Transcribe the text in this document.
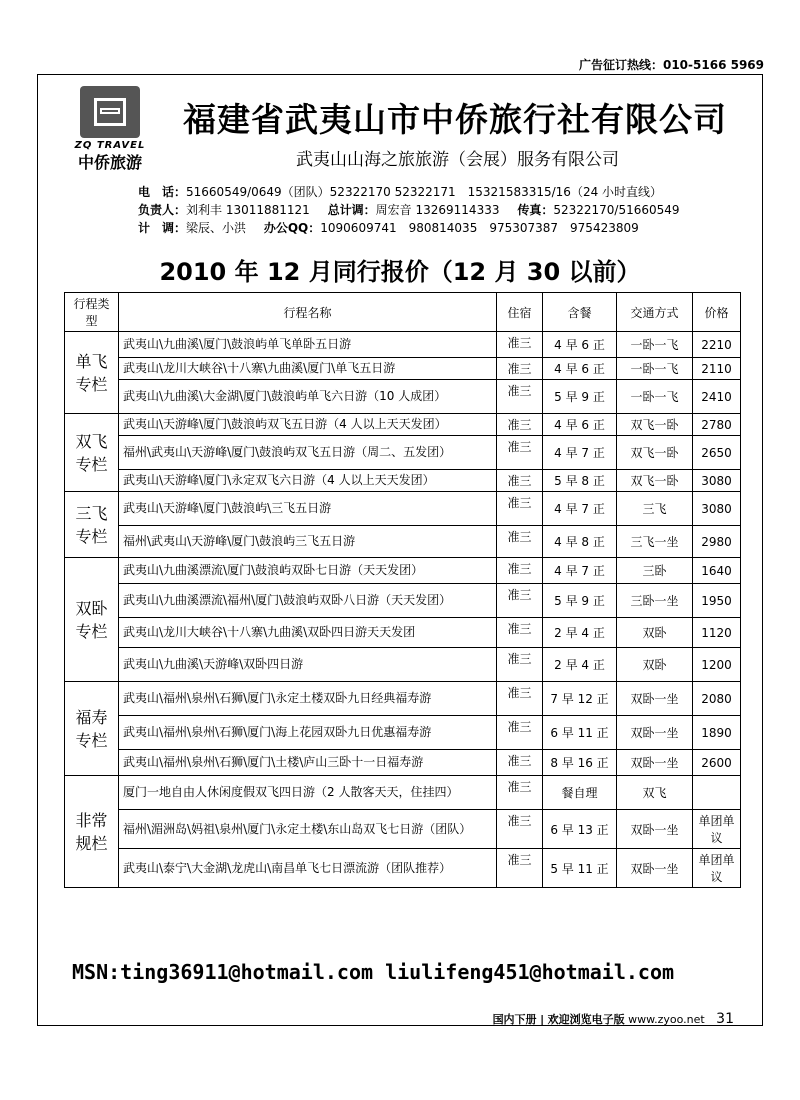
广告征订热线：010-5166 5969
ZQ TRAVEL
中侨旅游
福建省武夷山市中侨旅行社有限公司
武夷山山海之旅旅游（会展）服务有限公司
电　话：51660549/0649（团队）52322170 52322171　15321583315/16（24 小时直线）
负责人：刘利丰 13011881121 总计调：周宏音 13269114333 传真：52322170/51660549
计　调：梁辰、小洪 办公QQ：1090609741　980814035　975307387　975423809
2010 年 12 月同行报价（12 月 30 以前）
行程类型	行程名称	住宿	含餐	交通方式	价格

单飞专栏	武夷山\九曲溪\厦门\鼓浪屿单飞单卧五日游	准三	4 早 6 正	一卧一飞	2210
	武夷山\龙川大峡谷\十八寨\九曲溪\厦门\单飞五日游	准三	4 早 6 正	一卧一飞	2110
	武夷山\九曲溪\大金湖\厦门\鼓浪屿单飞六日游（10 人成团）	准三	5 早 9 正	一卧一飞	2410

双飞专栏	武夷山\天游峰\厦门\鼓浪屿双飞五日游（4 人以上天天发团）	准三	4 早 6 正	双飞一卧	2780
	福州\武夷山\天游峰\厦门\鼓浪屿双飞五日游（周二、五发团）	准三	4 早 7 正	双飞一卧	2650
	武夷山\天游峰\厦门\永定双飞六日游（4 人以上天天发团）	准三	5 早 8 正	双飞一卧	3080

三飞专栏	武夷山\天游峰\厦门\鼓浪屿\三飞五日游	准三	4 早 7 正	三飞	3080
	福州\武夷山\天游峰\厦门\鼓浪屿三飞五日游	准三	4 早 8 正	三飞一坐	2980

双卧专栏	武夷山\九曲溪漂流\厦门\鼓浪屿双卧七日游（天天发团）	准三	4 早 7 正	三卧	1640
	武夷山\九曲溪漂流\福州\厦门\鼓浪屿双卧八日游（天天发团）	准三	5 早 9 正	三卧一坐	1950
	武夷山\龙川大峡谷\十八寨\九曲溪\双卧四日游天天发团	准三	2 早 4 正	双卧	1120
	武夷山\九曲溪\天游峰\双卧四日游	准三	2 早 4 正	双卧	1200

福寿专栏	武夷山\福州\泉州\石狮\厦门\永定土楼双卧九日经典福寿游	准三	7 早 12 正	双卧一坐	2080
	武夷山\福州\泉州\石狮\厦门\海上花园双卧九日优惠福寿游	准三	6 早 11 正	双卧一坐	1890
	武夷山\福州\泉州\石狮\厦门\土楼\庐山三卧十一日福寿游	准三	8 早 16 正	双卧一坐	2600

非常规栏	厦门一地自由人休闲度假双飞四日游（2 人散客天天，住挂四）	准三	餐自理	双飞	
	福州\湄洲岛\妈祖\泉州\厦门\永定土楼\东山岛双飞七日游（团队）	准三	6 早 13 正	双卧一坐	单团单议
	武夷山\泰宁\大金湖\龙虎山\南昌单飞七日漂流游（团队推荐）	准三	5 早 11 正	双卧一坐	单团单议
MSN:ting36911@hotmail.com liulifeng451@hotmail.com
国内下册 | 欢迎浏览电子版 www.zyoo.net 31
